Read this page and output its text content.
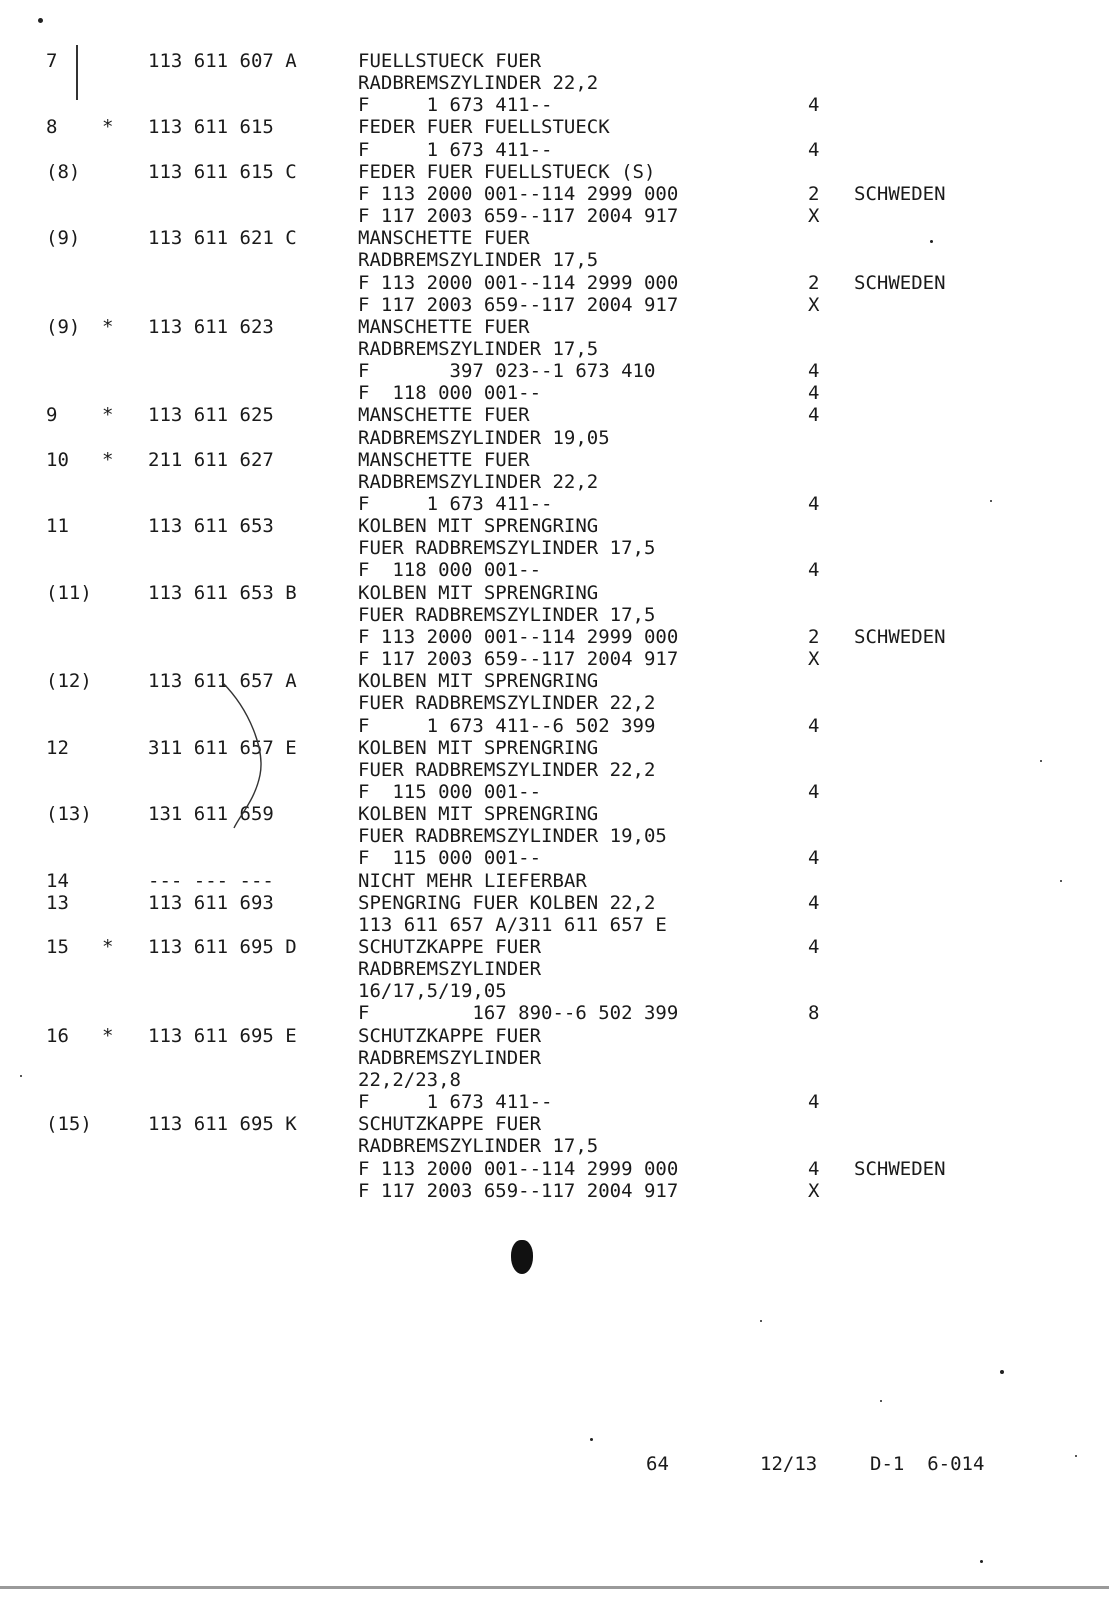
7	113 611 607 A	FUELLSTUECK FUER
RADBREMSZYLINDER 22,2
F     1 673 411--	4
8 * 113 611 615	FEDER FUER FUELLSTUECK
F     1 673 411--	4
(8)	113 611 615 C	FEDER FUER FUELLSTUECK (S)
F 113 2000 001--114 2999 000	2 SCHWEDEN
F 117 2003 659--117 2004 917	X
(9)	113 611 621 C	MANSCHETTE FUER
RADBREMSZYLINDER 17,5
F 113 2000 001--114 2999 000	2 SCHWEDEN
F 117 2003 659--117 2004 917	X
(9) * 113 611 623	MANSCHETTE FUER
RADBREMSZYLINDER 17,5
F       397 023--1 673 410	4
F  118 000 001--	4
9 * 113 611 625	MANSCHETTE FUER	4
RADBREMSZYLINDER 19,05
10 * 211 611 627	MANSCHETTE FUER
RADBREMSZYLINDER 22,2
F     1 673 411--	4
11	113 611 653	KOLBEN MIT SPRENGRING
FUER RADBREMSZYLINDER 17,5
F  118 000 001--	4
(11)	113 611 653 B	KOLBEN MIT SPRENGRING
FUER RADBREMSZYLINDER 17,5
F 113 2000 001--114 2999 000	2 SCHWEDEN
F 117 2003 659--117 2004 917	X
(12)	113 611 657 A	KOLBEN MIT SPRENGRING
FUER RADBREMSZYLINDER 22,2
F     1 673 411--6 502 399	4
12	311 611 657 E	KOLBEN MIT SPRENGRING
FUER RADBREMSZYLINDER 22,2
F  115 000 001--	4
(13)	131 611 659	KOLBEN MIT SPRENGRING
FUER RADBREMSZYLINDER 19,05
F  115 000 001--	4
14	--- --- ---	NICHT MEHR LIEFERBAR
13	113 611 693	SPENGRING FUER KOLBEN 22,2	4
113 611 657 A/311 611 657 E
15 * 113 611 695 D	SCHUTZKAPPE FUER	4
RADBREMSZYLINDER
16/17,5/19,05
F         167 890--6 502 399	8
16 * 113 611 695 E	SCHUTZKAPPE FUER
RADBREMSZYLINDER
22,2/23,8
F     1 673 411--	4
(15)	113 611 695 K	SCHUTZKAPPE FUER
RADBREMSZYLINDER 17,5
F 113 2000 001--114 2999 000	4 SCHWEDEN
F 117 2003 659--117 2004 917	X
64	12/13	D-1  6-014
